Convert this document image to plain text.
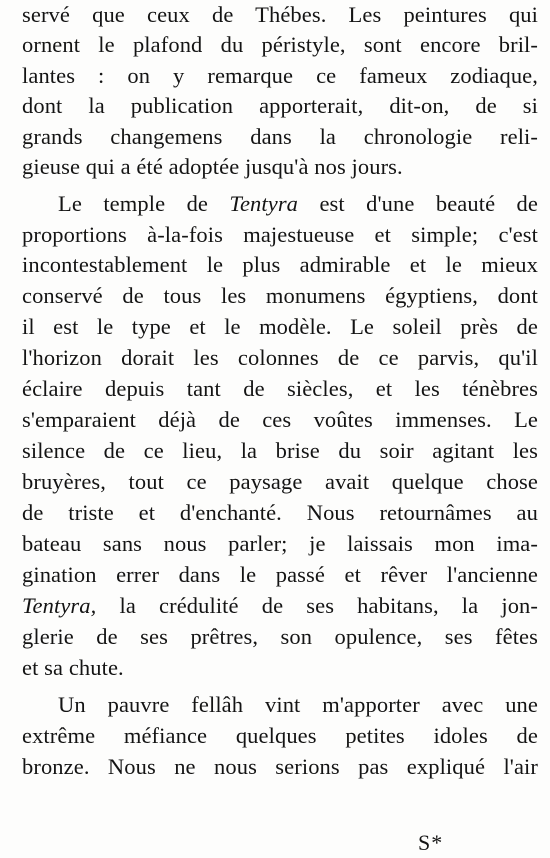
servé que ceux de Thébes. Les peintures qui
ornent le plafond du péristyle, sont encore bril-
lantes : on y remarque ce fameux zodiaque,
dont la publication apporterait, dit-on, de si
grands changemens dans la chronologie reli-
gieuse qui a été adoptée jusqu'à nos jours.
Le temple de Tentyra est d'une beauté de
proportions à-la-fois majestueuse et simple; c'est
incontestablement le plus admirable et le mieux
conservé de tous les monumens égyptiens, dont
il est le type et le modèle. Le soleil près de
l'horizon dorait les colonnes de ce parvis, qu'il
éclaire depuis tant de siècles, et les ténèbres
s'emparaient déjà de ces voûtes immenses. Le
silence de ce lieu, la brise du soir agitant les
bruyères, tout ce paysage avait quelque chose
de triste et d'enchanté. Nous retournâmes au
bateau sans nous parler; je laissais mon ima-
gination errer dans le passé et rêver l'ancienne
Tentyra, la crédulité de ses habitans, la jon-
glerie de ses prêtres, son opulence, ses fêtes
et sa chute.
Un pauvre fellâh vint m'apporter avec une
extrême méfiance quelques petites idoles de
bronze. Nous ne nous serions pas expliqué l'air
S*
